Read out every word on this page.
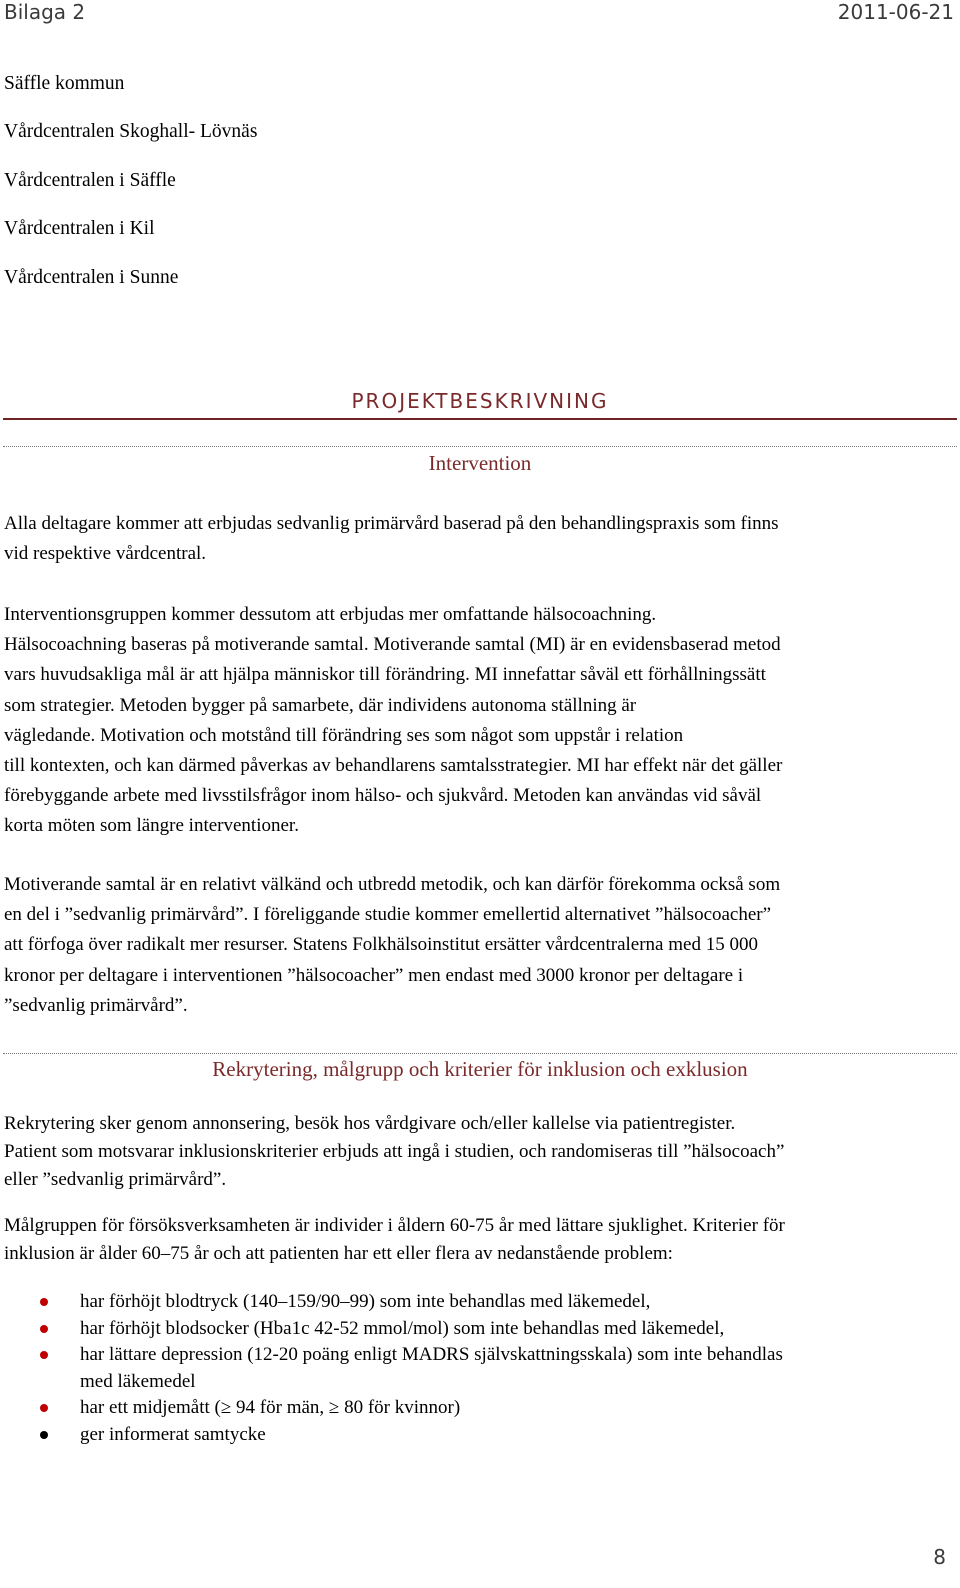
Bilaga 2	2011-06-21
Säffle kommun
Vårdcentralen Skoghall- Lövnäs
Vårdcentralen i Säffle
Vårdcentralen i Kil
Vårdcentralen i Sunne
PROJEKTBESKRIVNING
Intervention
Alla deltagare kommer att erbjudas sedvanlig primärvård baserad på den behandlingspraxis som finns
vid respektive vårdcentral.
Interventionsgruppen kommer dessutom att erbjudas mer omfattande hälsocoachning.
Hälsocoachning baseras på motiverande samtal. Motiverande samtal (MI) är en evidensbaserad metod
vars huvudsakliga mål är att hjälpa människor till förändring. MI innefattar såväl ett förhållningssätt
som strategier. Metoden bygger på samarbete, där individens autonoma ställning är
vägledande. Motivation och motstånd till förändring ses som något som uppstår i relation
till kontexten, och kan därmed påverkas av behandlarens samtalsstrategier. MI har effekt när det gäller
förebyggande arbete med livsstilsfrågor inom hälso- och sjukvård. Metoden kan användas vid såväl
korta möten som längre interventioner.
Motiverande samtal är en relativt välkänd och utbredd metodik, och kan därför förekomma också som
en del i ”sedvanlig primärvård”. I föreliggande studie kommer emellertid alternativet ”hälsocoacher”
att förfoga över radikalt mer resurser. Statens Folkhälsoinstitut ersätter vårdcentralerna med 15 000
kronor per deltagare i interventionen ”hälsocoacher” men endast med 3000 kronor per deltagare i
”sedvanlig primärvård”.
Rekrytering, målgrupp och kriterier för inklusion och exklusion
Rekrytering sker genom annonsering, besök hos vårdgivare och/eller kallelse via patientregister.
Patient som motsvarar inklusionskriterier erbjuds att ingå i studien, och randomiseras till ”hälsocoach”
eller ”sedvanlig primärvård”.
Målgruppen för försöksverksamheten är individer i åldern 60-75 år med lättare sjuklighet. Kriterier för
inklusion är ålder 60–75 år och att patienten har ett eller flera av nedanstående problem:
har förhöjt blodtryck (140–159/90–99) som inte behandlas med läkemedel,
har förhöjt blodsocker (Hba1c 42-52 mmol/mol) som inte behandlas med läkemedel,
har lättare depression (12-20 poäng enligt MADRS självskattningsskala) som inte behandlas
med läkemedel
har ett midjemått (≥ 94 för män, ≥ 80 för kvinnor)
ger informerat samtycke
8
